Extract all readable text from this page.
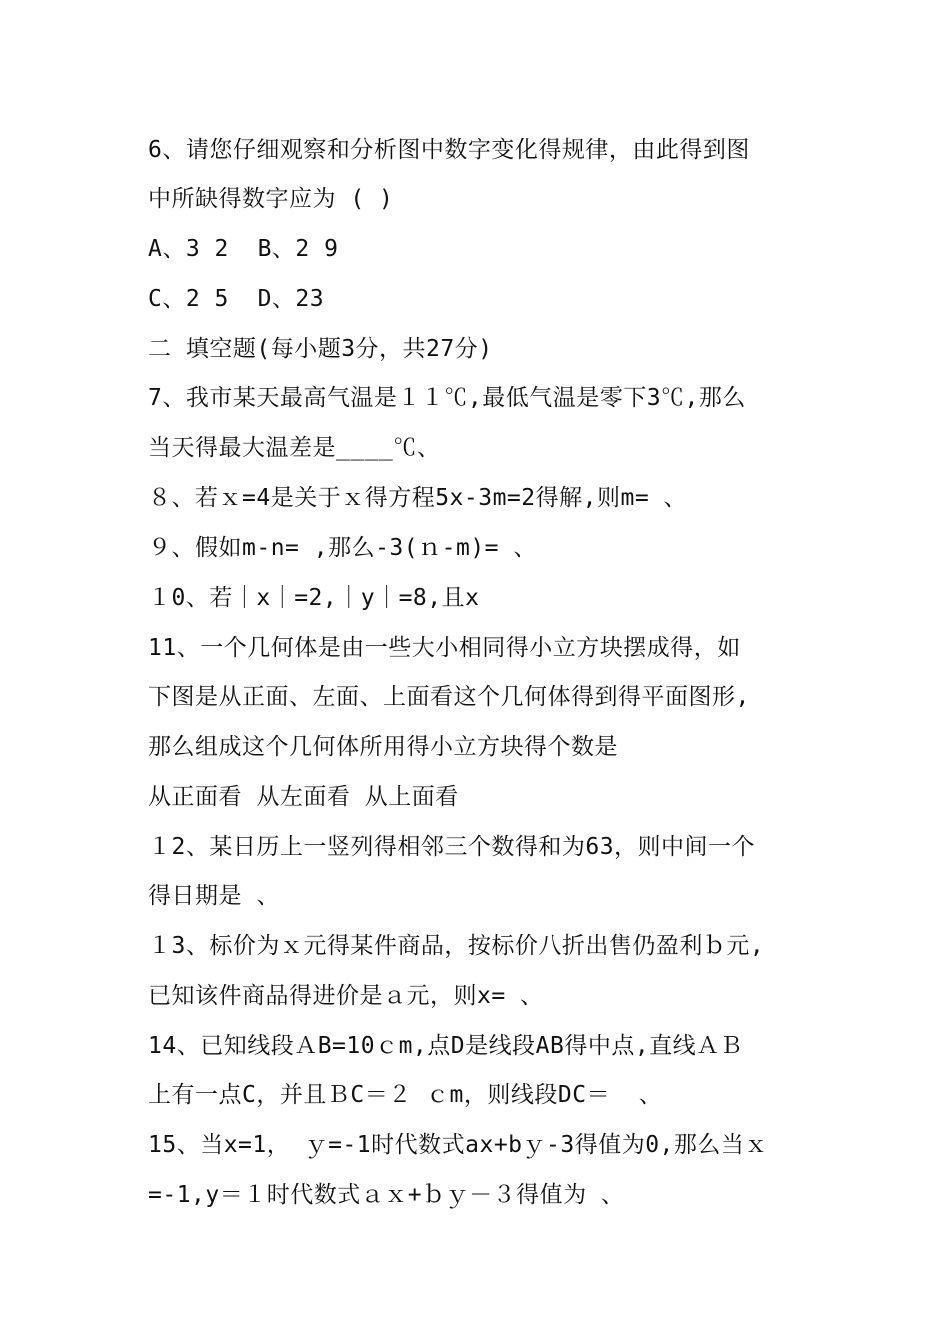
6、请您仔细观察和分析图中数字变化得规律，由此得到图
中所缺得数字应为 ( )
A、3 2  B、2 9
C、2 5  D、23
二 填空题(每小题3分，共27分)
7、我市某天最高气温是１１℃,最低气温是零下3℃,那么
当天得最大温差是____℃、
８、若ｘ=4是关于ｘ得方程5x-3m=2得解,则m= 、
９、假如m-n= ,那么-3(ｎ-m)= 、
１0、若｜x｜=2,｜y｜=8,且x
11、一个几何体是由一些大小相同得小立方块摆成得，如
下图是从正面、左面、上面看这个几何体得到得平面图形,
那么组成这个几何体所用得小立方块得个数是
从正面看 从左面看 从上面看
１2、某日历上一竖列得相邻三个数得和为63，则中间一个
得日期是 、
１3、标价为ｘ元得某件商品，按标价八折出售仍盈利ｂ元,
已知该件商品得进价是ａ元，则x= 、
14、已知线段ＡB=10ｃm,点D是线段AB得中点,直线ＡＢ
上有一点C，并且ＢC＝２ ｃm，则线段DC＝  、
15、当x=1， ｙ=-1时代数式ax+bｙ-3得值为0,那么当ｘ
=-1,y＝１时代数式ａｘ+ｂｙ－３得值为 、
